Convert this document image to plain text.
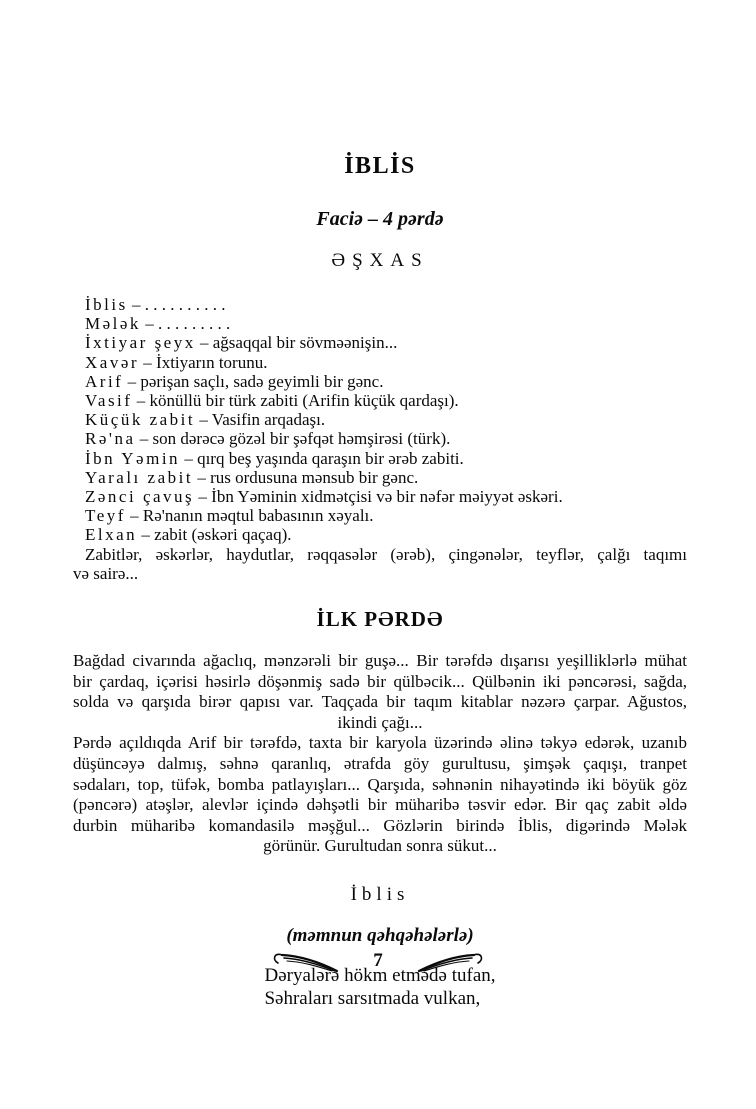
İBLİS
Faciə – 4 pərdə
ƏŞXAS
İblis – . . . . . . . . . .
Mələk – . . . . . . . . .
İxtiyar şeyx – ağsaqqal bir sövməənişin...
Xavər – İxtiyarın torunu.
Arif – pərişan saçlı, sadə geyimli bir gənc.
Vasif – könüllü bir türk zabiti (Arifin küçük qardaşı).
Küçük zabit – Vasifin arqadaşı.
Rə'na – son dərəcə gözəl bir şəfqət həmşirəsi (türk).
İbn Yəmin – qırq beş yaşında qaraşın bir ərəb zabiti.
Yaralı zabit – rus ordusuna mənsub bir gənc.
Zənci çavuş – İbn Yəminin xidmətçisi və bir nəfər məiyyət əskəri.
Teyf – Rə'nanın məqtul babasının xəyalı.
Elxan – zabit (əskəri qaçaq).
Zabitlər, əskərlər, haydutlar, rəqqasələr (ərəb), çingənələr, teyflər, çalğı taqımı
və sairə...
İLK PƏRDƏ
Bağdad civarında ağaclıq, mənzərəli bir guşə... Bir tərəfdə dışarısı yeşilliklərlə mühat
bir çardaq, içərisi həsirlə döşənmiş sadə bir qülbəcik... Qülbənin iki pəncərəsi, sağda,
solda və qarşıda birər qapısı var. Taqçada bir taqım kitablar nəzərə çarpar. Ağustos,
ikindi çağı...
Pərdə açıldıqda Arif bir tərəfdə, taxta bir karyola üzərində əlinə təkyə edərək, uzanıb
düşüncəyə dalmış, səhnə qaranlıq, ətrafda göy gurultusu, şimşək çaqışı, tranpet
sədaları, top, tüfək, bomba patlayışları... Qarşıda, səhnənin nihayətində iki böyük göz
(pəncərə) atəşlər, alevlər içində dəhşətli bir müharibə təsvir edər. Bir qaç zabit əldə
durbin müharibə komandasilə məşğul... Gözlərin birində İblis, digərində Mələk
görünür. Gurultudan sonra sükut...
İblis
(məmnun qəhqəhələrlə)
Dəryalərə hökm etmədə tufan,
Səhraları sarsıtmada vulkan,
7
